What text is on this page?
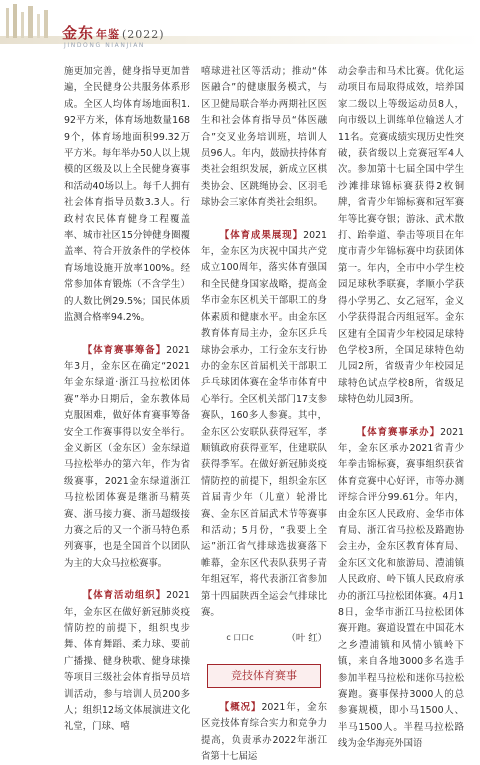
金东 年鉴 (2022)
JINDONG NIANJIAN

施更加完善，健身指导更加普遍，全民健身公共服务体系形成。全区人均体育场地面积1.92平方米，体育场地数量1689个，体育场地面积99.32万平方米。每年举办50人以上规模的区级及以上全民健身赛事和活动40场以上。每千人拥有社会体育指导员数3.3人。行政村农民体育健身工程覆盖率、城市社区15分钟健身圈覆盖率、符合开放条件的学校体育场地设施开放率100%。经常参加体育锻炼（不含学生）的人数比例29.5%；国民体质监测合格率94.2%。

【体育赛事筹备】2021年3月，金东区在确定“2021年金东绿道·浙江马拉松团体赛”举办日期后，金东教体局克服困难，做好体育赛事筹备安全工作赛事得以安全举行。金义新区（金东区）金东绿道马拉松举办的第六年，作为省级赛事，2021金东绿道浙江马拉松团体赛是继浙马精英赛、浙马接力赛、浙马超级接力赛之后的又一个浙马特色系列赛事，也是全国首个以团队为主的大众马拉松赛事。

【体育活动组织】2021年，金东区在做好新冠肺炎疫情防控的前提下，组织曳步舞、体育舞蹈、柔力球、要前广播操、健身秧歌、健身球操等项目三级社会体育指导员培训活动，参与培训人员200多人；组织12场文体展演进文化礼堂，门球、嘻

嘻球进社区等活动；推动“体医融合”的健康服务模式，与区卫健局联合举办两期社区医生和社会体育指导员“体医融合”交叉业务培训班，培训人员96人。年内，鼓励扶持体育类社会组织发展，新成立区棋类协会、区跳绳协会、区羽毛球协会三家体育类社会组织。

【体育成果展现】2021年，金东区为庆祝中国共产党成立100周年，落实体育强国和全民健身国家战略，提高金华市金东区机关干部职工的身体素质和健康水平。由金东区教育体育局主办，金东区乒乓球协会承办，工行金东支行协办的金东区首届机关干部职工乒乓球团体赛在金华市体育中心举行。全区机关部门17支参赛队，160多人参赛。其中，金东区公安联队获得冠军，孝顺镇政府获得亚军，住建联队获得季军。在做好新冠肺炎疫情防控的前提下，组织金东区首届青少年（儿童）轮滑比赛、金东区首届武术节等赛事和活动；5月份，“我要上全运”浙江省气排球选拔赛落下帷幕，金东区代表队获男子青年组冠军，将代表浙江省参加第十四届陕西全运会气排球比赛。

（叶 红）
竞技体育赛事

【概况】2021年，金东区竞技体育综合实力和竞争力提高，负责承办2022年浙江省第十七届运

动会拳击和马术比赛。优化运动项目布局取得成效，培养国家二级以上等级运动员8人，向市级以上训练单位输送人才11名。竞赛成绩实现历史性突破，获省级以上竞赛冠军4人次。参加第十七届全国中学生沙滩排球锦标赛获得2枚铜牌，省青少年锦标赛和冠军赛年等比赛夺银；游泳、武术散打、跆拳道、拳击等项目在年度市青少年锦标赛中均获团体第一。年内，全市中小学生校园足球秋季联赛，孝顺小学获得小学男乙、女乙冠军，金义小学获得混合丙组冠军。金东区建有全国青少年校园足球特色学校3所，全国足球特色幼儿园2所，省级青少年校园足球特色试点学校8所，省级足球特色幼儿园3所。

【体育赛事承办】2021年，金东区承办2021省青少年拳击锦标赛，赛事组织获省体育竞赛中心好评，市等办测评综合评分99.61分。年内，由金东区人民政府、金华市体育局、浙江省马拉松及路跑协会主办，金东区教育体育局、金东区文化和旅游局、澧浦镇人民政府、岭下镇人民政府承办的浙江马拉松团体赛。4月18日，金华市浙江马拉松团体赛开跑。赛道设置在中国花木之乡澧浦镇和风情小镇岭下镇，来自各地3000多名选手参加半程马拉松和迷你马拉松赛跑。赛事保持3000人的总参赛规模，即小马1500人、半马1500人。半程马拉松路线为金华海亮外国语

c 口口c
